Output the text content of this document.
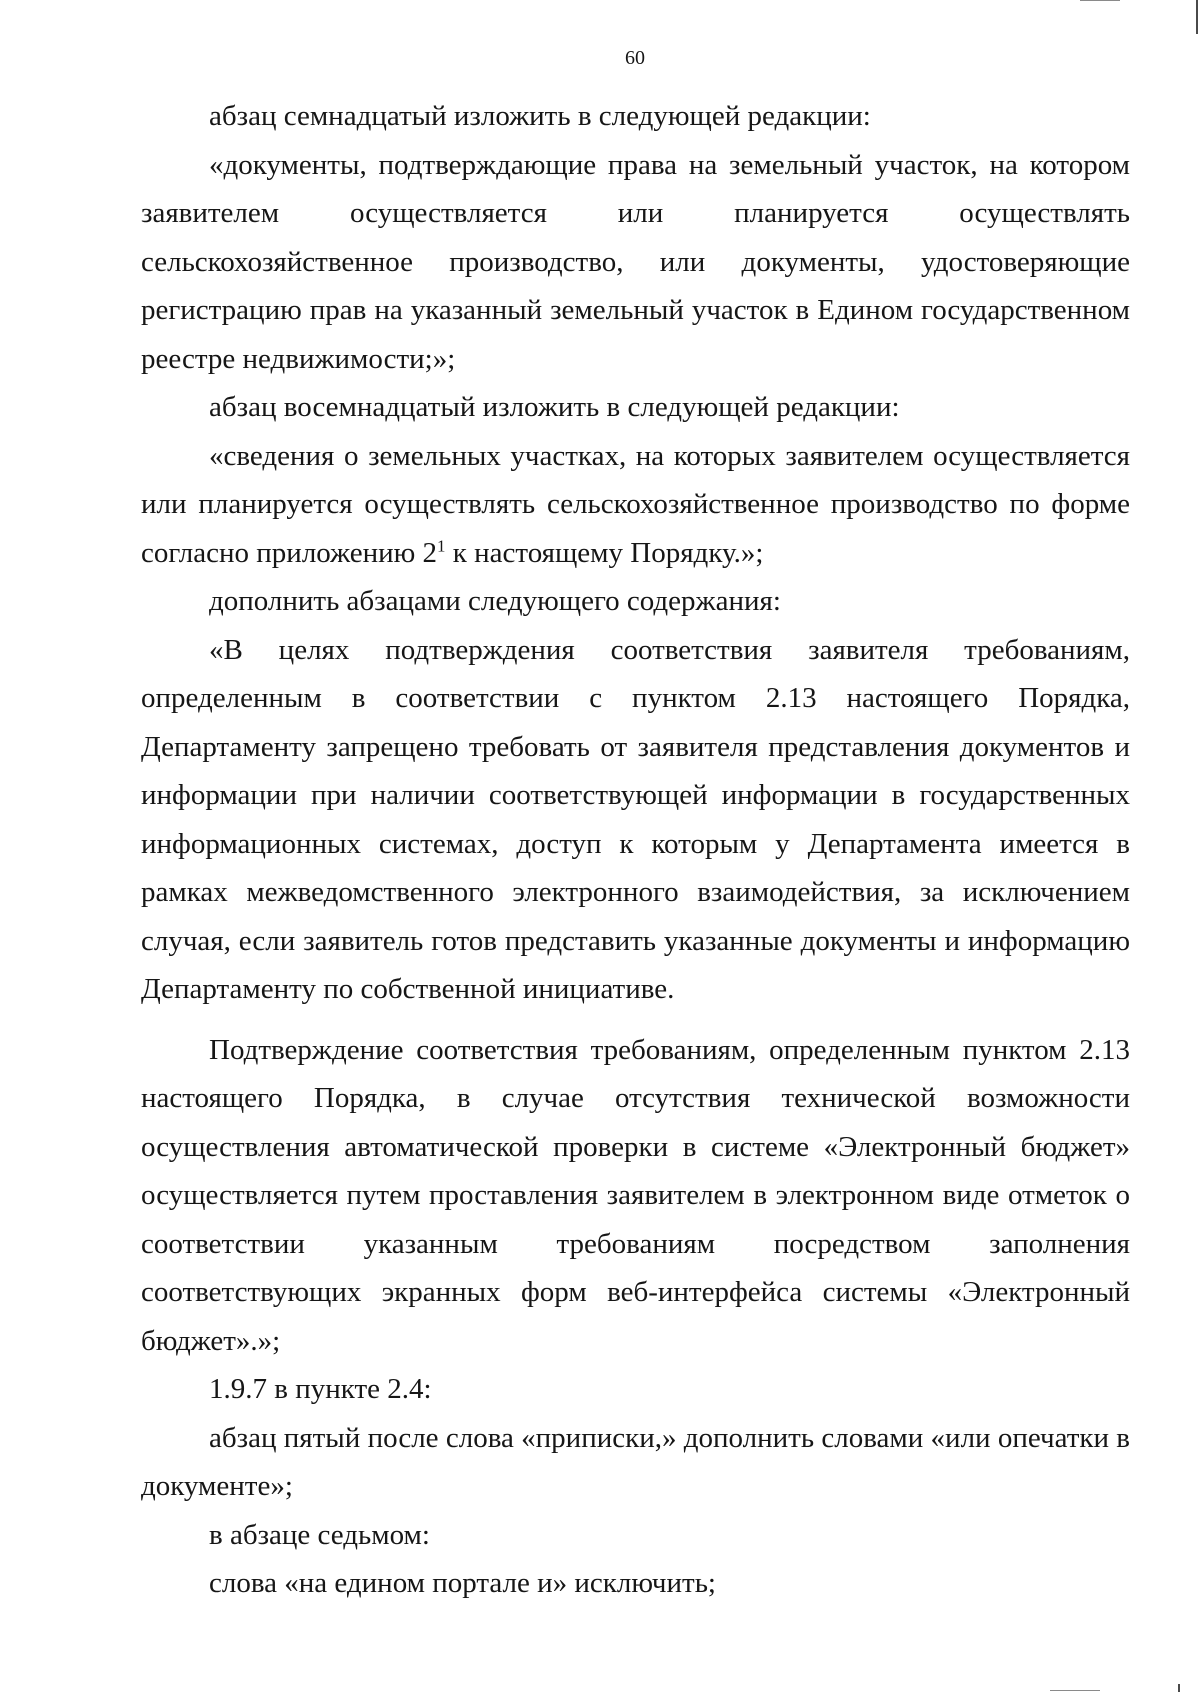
60

абзац семнадцатый изложить в следующей редакции:

«документы, подтверждающие права на земельный участок, на котором заявителем осуществляется или планируется осуществлять сельскохозяйственное производство, или документы, удостоверяющие регистрацию прав на указанный земельный участок в Едином государственном реестре недвижимости;»;

абзац восемнадцатый изложить в следующей редакции:

«сведения о земельных участках, на которых заявителем осуществляется или планируется осуществлять сельскохозяйственное производство по форме согласно приложению $2^1$ к настоящему Порядку.»;

дополнить абзацами следующего содержания:

«В целях подтверждения соответствия заявителя требованиям, определенным в соответствии с пунктом 2.13 настоящего Порядка, Департаменту запрещено требовать от заявителя представления документов и информации при наличии соответствующей информации в государственных информационных системах, доступ к которым у Департамента имеется в рамках межведомственного электронного взаимодействия, за исключением случая, если заявитель готов представить указанные документы и информацию Департаменту по собственной инициативе.

Подтверждение соответствия требованиям, определенным пунктом 2.13 настоящего Порядка, в случае отсутствия технической возможности осуществления автоматической проверки в системе «Электронный бюджет» осуществляется путем проставления заявителем в электронном виде отметок о соответствии указанным требованиям посредством заполнения соответствующих экранных форм веб-интерфейса системы «Электронный бюджет».»;

1.9.7 в пункте 2.4:

абзац пятый после слова «приписки,» дополнить словами «или опечатки в документе»;

в абзаце седьмом:

слова «на едином портале и» исключить;
